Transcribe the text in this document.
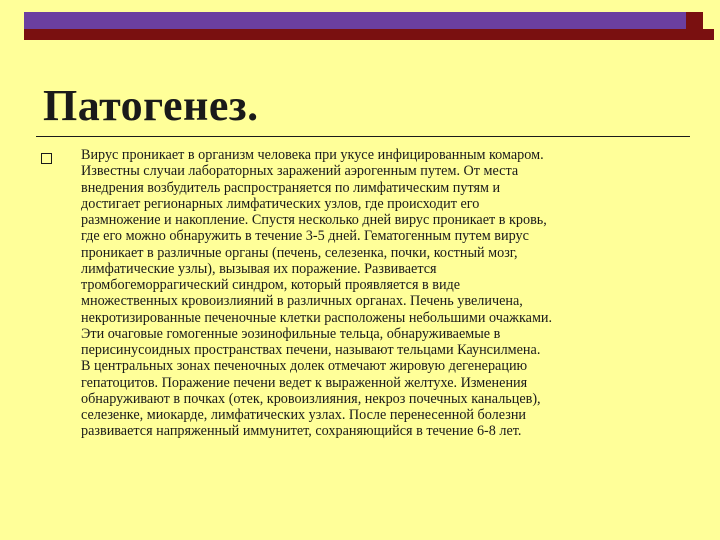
Патогенез.

Вирус проникает в организм человека при укусе инфицированным комаром.
Известны случаи лабораторных заражений аэрогенным путем. От места
внедрения возбудитель распространяется по лимфатическим путям и
достигает регионарных лимфатических узлов, где происходит его
размножение и накопление. Спустя несколько дней вирус проникает в кровь,
где его можно обнаружить в течение 3-5 дней. Гематогенным путем вирус
проникает в различные органы (печень, селезенка, почки, костный мозг,
лимфатические узлы), вызывая их поражение. Развивается
тромбогеморрагический синдром, который проявляется в виде
множественных кровоизлияний в различных органах. Печень увеличена,
некротизированные печеночные клетки расположены небольшими очажками.
Эти очаговые гомогенные эозинофильные тельца, обнаруживаемые в
перисинусоидных пространствах печени, называют тельцами Каунсилмена.
В центральных зонах печеночных долек отмечают жировую дегенерацию
гепатоцитов. Поражение печени ведет к выраженной желтухе. Изменения
обнаруживают в почках (отек, кровоизлияния, некроз почечных канальцев),
селезенке, миокарде, лимфатических узлах. После перенесенной болезни
развивается напряженный иммунитет, сохраняющийся в течение 6-8 лет.
